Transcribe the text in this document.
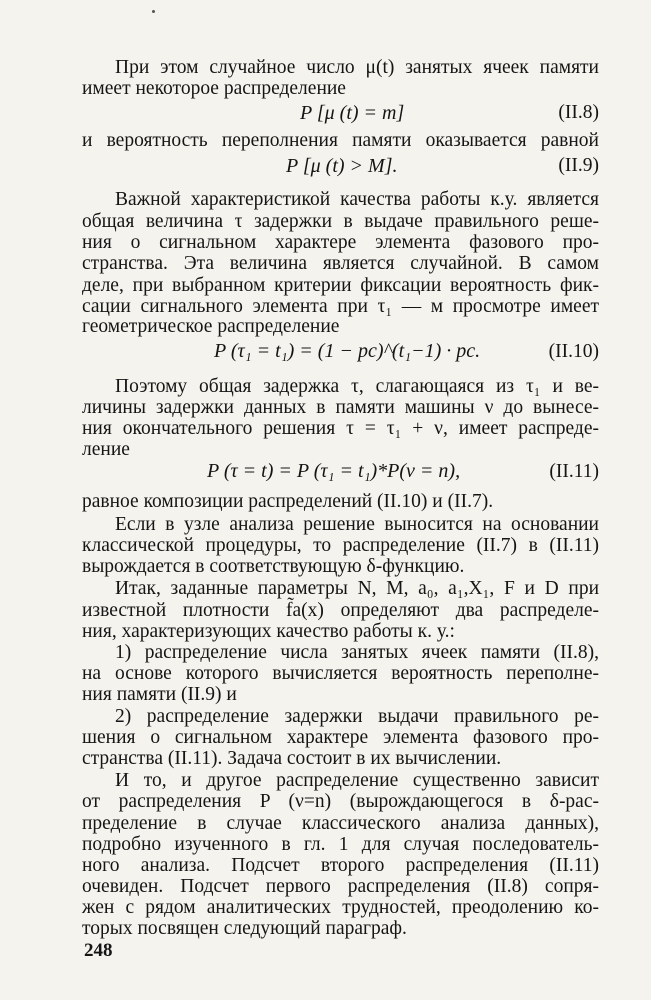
При этом случайное число μ(t) занятых ячеек памяти
имеет некоторое распределение
P [μ (t) = m]	(II.8)
и вероятность переполнения памяти оказывается равной
P [μ (t) > M].	(II.9)
Важной характеристикой качества работы к.у. является
общая величина τ задержки в выдаче правильного реше-
ния о сигнальном характере элемента фазового про-
странства. Эта величина является случайной. В самом
деле, при выбранном критерии фиксации вероятность фик-
сации сигнального элемента при τ₁ — м просмотре имеет
геометрическое распределение
P (τ₁ = t₁) = (1 − pc)^(t₁−1) · pc.	(II.10)
Поэтому общая задержка τ, слагающаяся из τ₁ и ве-
личины задержки данных в памяти машины ν до вынесе-
ния окончательного решения τ = τ₁ + ν, имеет распреде-
ление
P (τ = t) = P (τ₁ = t₁)*P(ν = n),	(II.11)
равное композиции распределений (II.10) и (II.7).
Если в узле анализа решение выносится на основании
классической процедуры, то распределение (II.7) в (II.11)
вырождается в соответствующую δ-функцию.
Итак, заданные параметры N, M, a₀, a₁,X₁, F и D при
известной плотности f̃a(x) определяют два распределе-
ния, характеризующих качество работы к. у.:
1) распределение числа занятых ячеек памяти (II.8),
на основе которого вычисляется вероятность переполне-
ния памяти (II.9) и
2) распределение задержки выдачи правильного ре-
шения о сигнальном характере элемента фазового про-
странства (II.11). Задача состоит в их вычислении.
И то, и другое распределение существенно зависит
от распределения P (ν=n) (вырождающегося в δ-рас-
пределение в случае классического анализа данных),
подробно изученного в гл. 1 для случая последователь-
ного анализа. Подсчет второго распределения (II.11)
очевиден. Подсчет первого распределения (II.8) сопря-
жен с рядом аналитических трудностей, преодолению ко-
торых посвящен следующий параграф.
248
